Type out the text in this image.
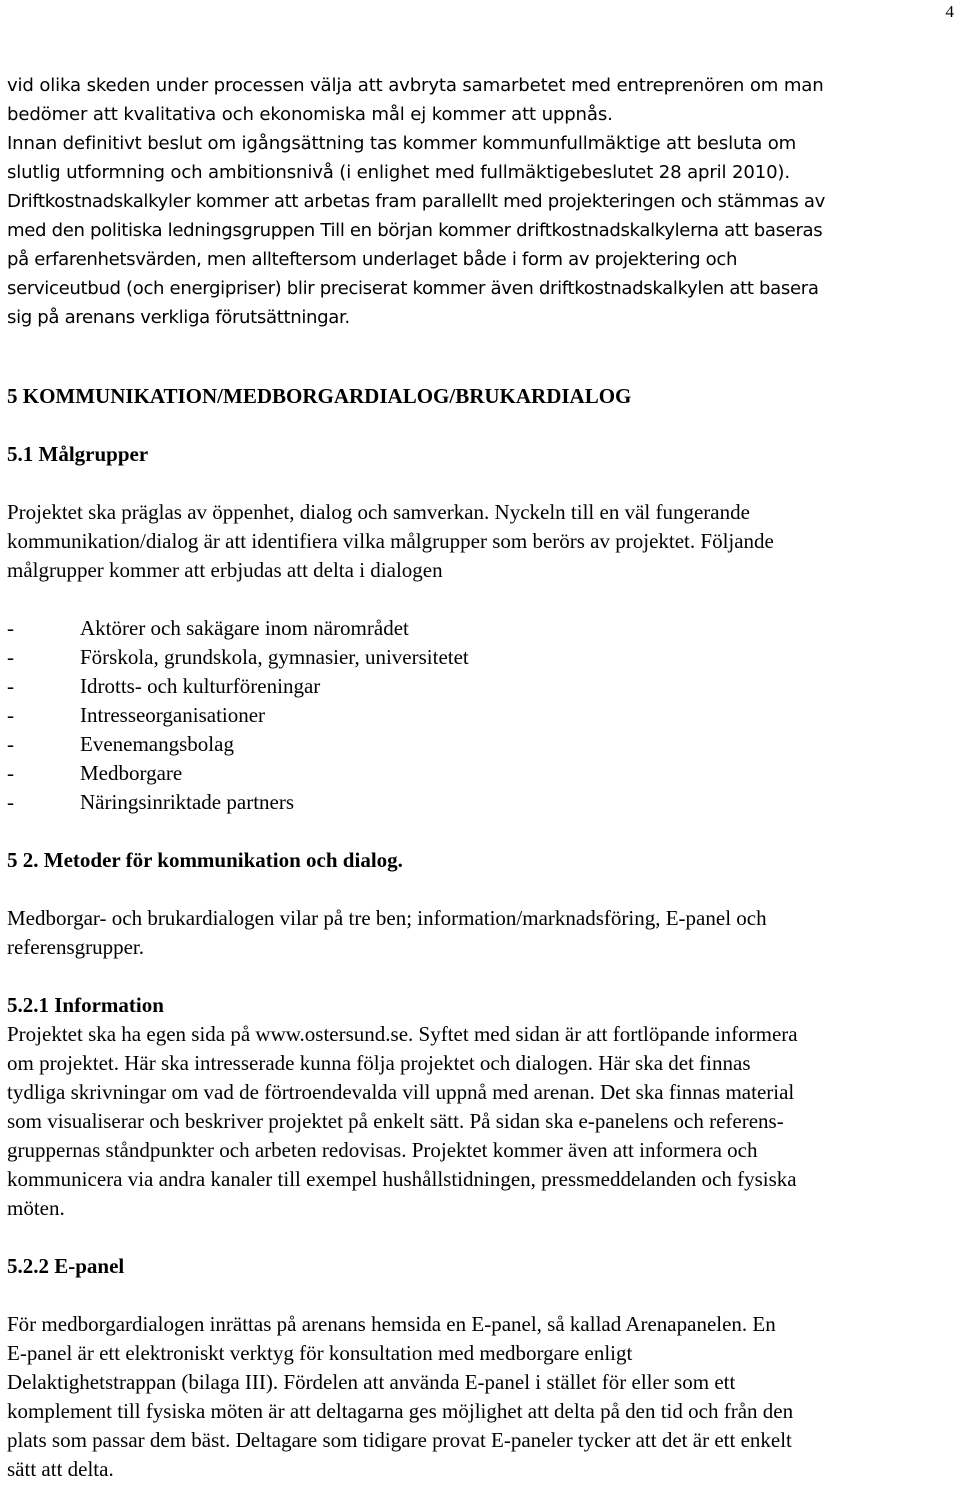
4
vid olika skeden under processen välja att avbryta samarbetet med entreprenören om man
bedömer att kvalitativa och ekonomiska mål ej kommer att uppnås.
Innan definitivt beslut om igångsättning tas kommer kommunfullmäktige att besluta om
slutlig utformning och ambitionsnivå (i enlighet med fullmäktigebeslutet 28 april 2010).
Driftkostnadskalkyler kommer att arbetas fram parallellt med projekteringen och stämmas av
med den politiska ledningsgruppen Till en början kommer driftkostnadskalkylerna att baseras
på erfarenhetsvärden, men allteftersom underlaget både i form av projektering och
serviceutbud (och energipriser) blir preciserat kommer även driftkostnadskalkylen att basera
sig på arenans verkliga förutsättningar.
5 KOMMUNIKATION/MEDBORGARDIALOG/BRUKARDIALOG
5.1 Målgrupper
Projektet ska präglas av öppenhet, dialog och samverkan. Nyckeln till en väl fungerande
kommunikation/dialog är att identifiera vilka målgrupper som berörs av projektet. Följande
målgrupper kommer att erbjudas att delta i dialogen
-	Aktörer och sakägare inom närområdet
-	Förskola, grundskola, gymnasier, universitetet
-	Idrotts- och kulturföreningar
-	Intresseorganisationer
-	Evenemangsbolag
-	Medborgare
-	Näringsinriktade partners
5 2. Metoder för kommunikation och dialog.
Medborgar- och brukardialogen vilar på tre ben; information/marknadsföring, E-panel och
referensgrupper.
5.2.1 Information
Projektet ska ha egen sida på www.ostersund.se. Syftet med sidan är att fortlöpande informera
om projektet. Här ska intresserade kunna följa projektet och dialogen. Här ska det finnas
tydliga skrivningar om vad de förtroendevalda vill uppnå med arenan. Det ska finnas material
som visualiserar och beskriver projektet på enkelt sätt. På sidan ska e-panelens och referens-
gruppernas ståndpunkter och arbeten redovisas. Projektet kommer även att informera och
kommunicera via andra kanaler till exempel hushållstidningen, pressmeddelanden och fysiska
möten.
5.2.2 E-panel
För medborgardialogen inrättas på arenans hemsida en E-panel, så kallad Arenapanelen. En
E-panel är ett elektroniskt verktyg för konsultation med medborgare enligt
Delaktighetstrappan (bilaga III). Fördelen att använda E-panel i stället för eller som ett
komplement till fysiska möten är att deltagarna ges möjlighet att delta på den tid och från den
plats som passar dem bäst. Deltagare som tidigare provat E-paneler tycker att det är ett enkelt
sätt att delta.
